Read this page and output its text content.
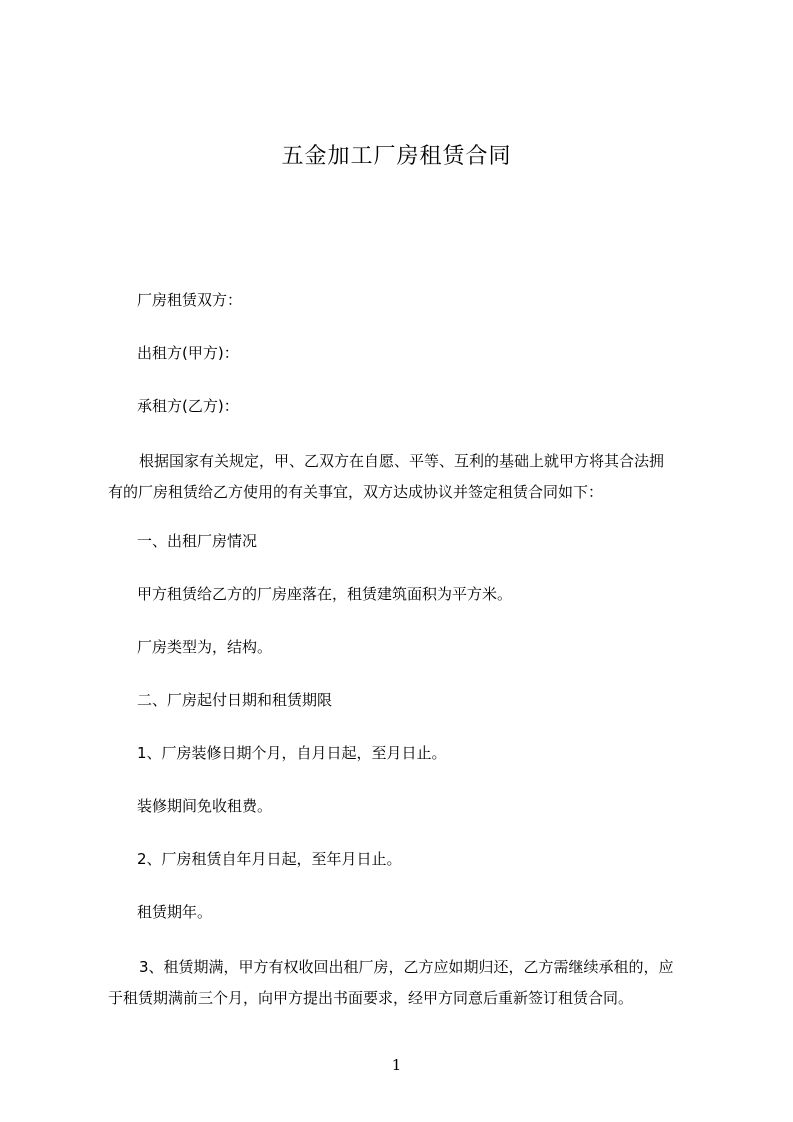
五金加工厂房租赁合同

厂房租赁双方：

出租方(甲方)：

承租方(乙方)：

根据国家有关规定，甲、乙双方在自愿、平等、互利的基础上就甲方将其合法拥
有的厂房租赁给乙方使用的有关事宜，双方达成协议并签定租赁合同如下：

一、出租厂房情况

甲方租赁给乙方的厂房座落在，租赁建筑面积为平方米。

厂房类型为，结构。

二、厂房起付日期和租赁期限

1、厂房装修日期个月，自月日起，至月日止。

装修期间免收租费。

2、厂房租赁自年月日起，至年月日止。

租赁期年。

3、租赁期满，甲方有权收回出租厂房，乙方应如期归还，乙方需继续承租的，应
于租赁期满前三个月，向甲方提出书面要求，经甲方同意后重新签订租赁合同。

1
